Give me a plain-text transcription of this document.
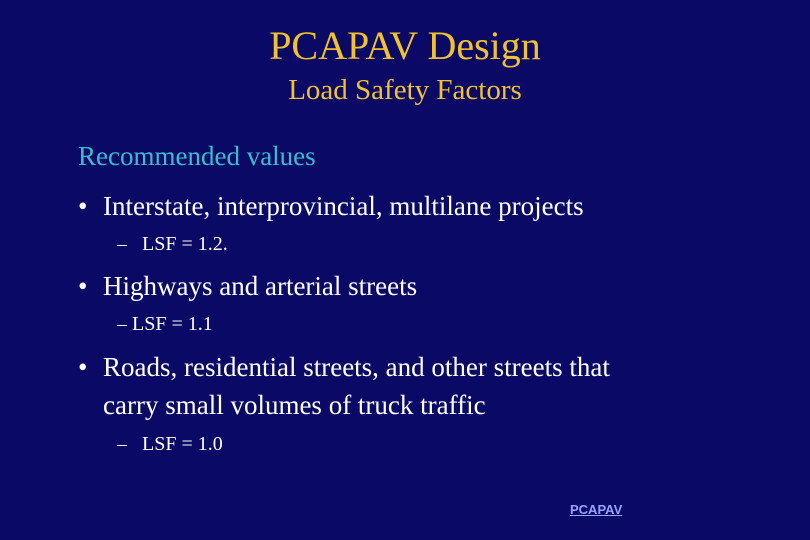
PCAPAV Design
Load Safety Factors
Recommended values
• Interstate, interprovincial, multilane projects
– LSF = 1.2.
• Highways and arterial streets
– LSF = 1.1
• Roads, residential streets, and other streets that
carry small volumes of truck traffic
– LSF = 1.0
PCAPAV
